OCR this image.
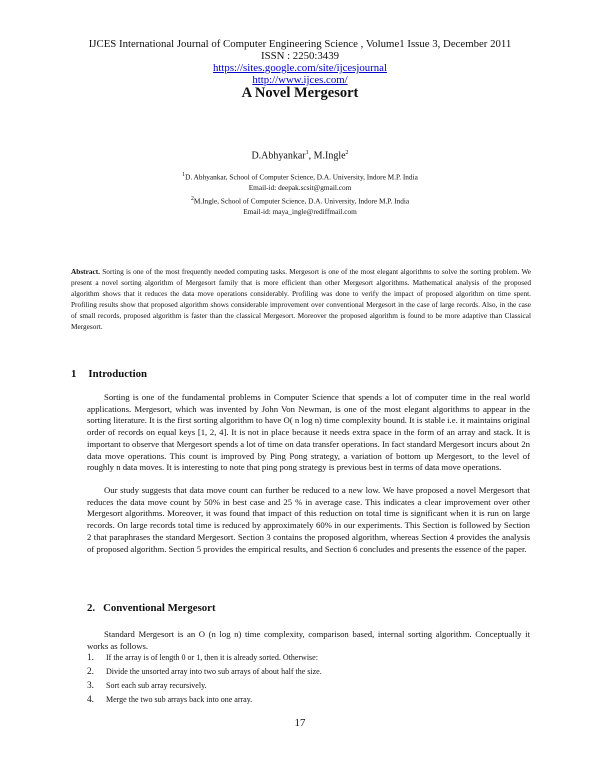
IJCES International Journal of Computer Engineering Science , Volume1 Issue 3, December 2011
ISSN : 2250:3439
https://sites.google.com/site/ijcesjournal
http://www.ijces.com/
A Novel Mergesort
D.Abhyankar$^1$, M.Ingle$^2$
$^1$D. Abhyankar, School of Computer Science, D.A. University, Indore M.P. India
Email-id: deepak.scsit@gmail.com
$^2$M.Ingle, School of Computer Science, D.A. University, Indore M.P. India
Email-id: maya_ingle@rediffmail.com
Abstract. Sorting is one of the most frequently needed computing tasks. Mergesort is one of the most elegant algorithms to solve the sorting problem. We present a novel sorting algorithm of Mergesort family that is more efficient than other Mergesort algorithms. Mathematical analysis of the proposed algorithm shows that it reduces the data move operations considerably. Profiling was done to verify the impact of proposed algorithm on time spent. Profiling results show that proposed algorithm shows considerable improvement over conventional Mergesort in the case of large records. Also, in the case of small records, proposed algorithm is faster than the classical Mergesort. Moreover the proposed algorithm is found to be more adaptive than Classical Mergesort.
1 Introduction
Sorting is one of the fundamental problems in Computer Science that spends a lot of computer time in the real world applications. Mergesort, which was invented by John Von Newman, is one of the most elegant algorithms to appear in the sorting literature. It is the first sorting algorithm to have O( n log n) time complexity bound. It is stable i.e. it maintains original order of records on equal keys [1, 2, 4]. It is not in place because it needs extra space in the form of an array and stack. It is important to observe that Mergesort spends a lot of time on data transfer operations. In fact standard Mergesort incurs about 2n data move operations. This count is improved by Ping Pong strategy, a variation of bottom up Mergesort, to the level of roughly n data moves. It is interesting to note that ping pong strategy is previous best in terms of data move operations.
Our study suggests that data move count can further be reduced to a new low. We have proposed a novel Mergesort that reduces the data move count by 50% in best case and 25 % in average case. This indicates a clear improvement over other Mergesort algorithms. Moreover, it was found that impact of this reduction on total time is significant when it is run on large records. On large records total time is reduced by approximately 60% in our experiments. This Section is followed by Section 2 that paraphrases the standard Mergesort. Section 3 contains the proposed algorithm, whereas Section 4 provides the analysis of proposed algorithm. Section 5 provides the empirical results, and Section 6 concludes and presents the essence of the paper.
2. Conventional Mergesort
Standard Mergesort is an O (n log n) time complexity, comparison based, internal sorting algorithm. Conceptually it works as follows.
1. If the array is of length 0 or 1, then it is already sorted. Otherwise:
2. Divide the unsorted array into two sub arrays of about half the size.
3. Sort each sub array recursively.
4. Merge the two sub arrays back into one array.
17
